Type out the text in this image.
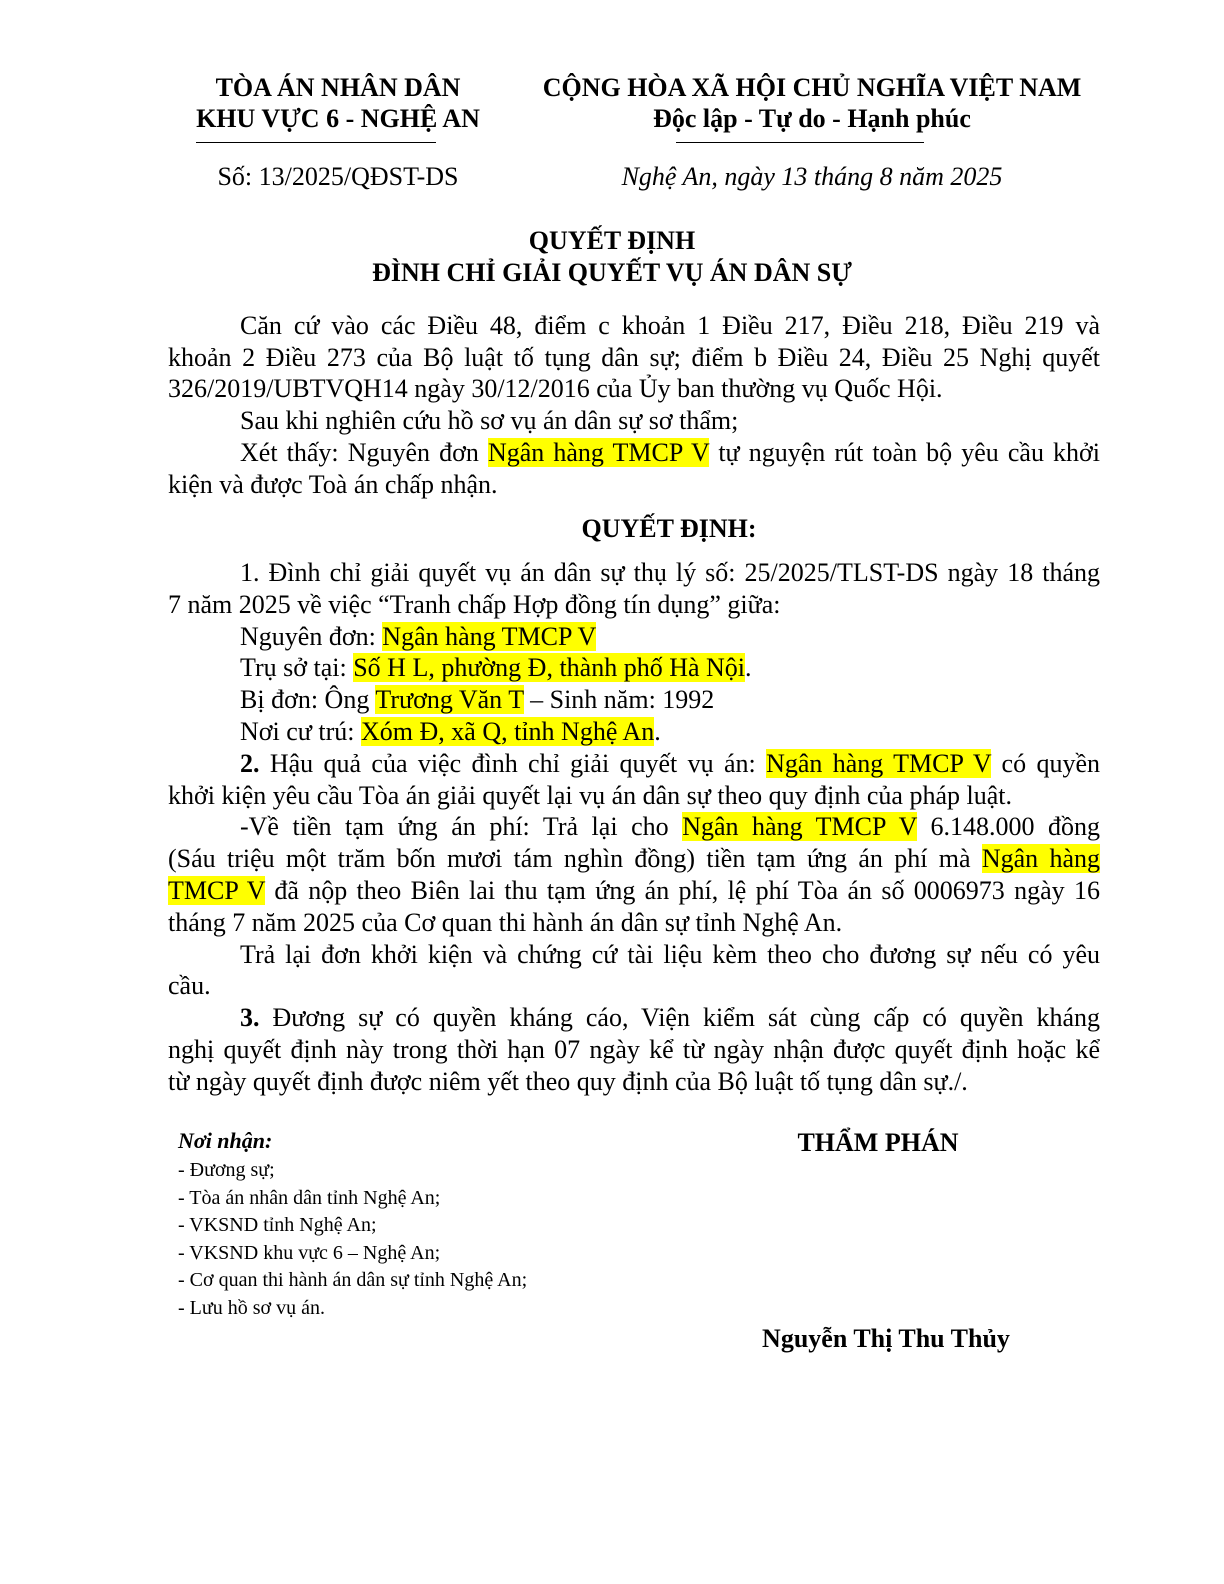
TÒA ÁN NHÂN DÂN
KHU VỰC 6 - NGHỆ AN
CỘNG HÒA XÃ HỘI CHỦ NGHĨA VIỆT NAM
Độc lập - Tự do - Hạnh phúc
Số: 13/2025/QĐST-DS	Nghệ An, ngày 13 tháng 8 năm 2025
QUYẾT ĐỊNH
ĐÌNH CHỈ GIẢI QUYẾT VỤ ÁN DÂN SỰ
Căn cứ vào các Điều 48, điểm c khoản 1 Điều 217, Điều 218, Điều 219 và
khoản 2 Điều 273 của Bộ luật tố tụng dân sự; điểm b Điều 24, Điều 25 Nghị quyết
326/2019/UBTVQH14 ngày 30/12/2016 của Ủy ban thường vụ Quốc Hội.
Sau khi nghiên cứu hồ sơ vụ án dân sự sơ thẩm;
Xét thấy: Nguyên đơn Ngân hàng TMCP V tự nguyện rút toàn bộ yêu cầu khởi
kiện và được Toà án chấp nhận.
QUYẾT ĐỊNH:
1. Đình chỉ giải quyết vụ án dân sự thụ lý số: 25/2025/TLST-DS ngày 18 tháng
7 năm 2025 về việc “Tranh chấp Hợp đồng tín dụng” giữa:
Nguyên đơn: Ngân hàng TMCP V
Trụ sở tại: Số H L, phường Đ, thành phố Hà Nội.
Bị đơn: Ông Trương Văn T – Sinh năm: 1992
Nơi cư trú: Xóm Đ, xã Q, tỉnh Nghệ An.
2. Hậu quả của việc đình chỉ giải quyết vụ án: Ngân hàng TMCP V có quyền
khởi kiện yêu cầu Tòa án giải quyết lại vụ án dân sự theo quy định của pháp luật.
-Về tiền tạm ứng án phí: Trả lại cho Ngân hàng TMCP V 6.148.000 đồng
(Sáu triệu một trăm bốn mươi tám nghìn đồng) tiền tạm ứng án phí mà Ngân hàng
TMCP V đã nộp theo Biên lai thu tạm ứng án phí, lệ phí Tòa án số 0006973 ngày 16
tháng 7 năm 2025 của Cơ quan thi hành án dân sự tỉnh Nghệ An.
Trả lại đơn khởi kiện và chứng cứ tài liệu kèm theo cho đương sự nếu có yêu
cầu.
3. Đương sự có quyền kháng cáo, Viện kiểm sát cùng cấp có quyền kháng
nghị quyết định này trong thời hạn 07 ngày kể từ ngày nhận được quyết định hoặc kể
từ ngày quyết định được niêm yết theo quy định của Bộ luật tố tụng dân sự./.
Nơi nhận:
- Đương sự;
- Tòa án nhân dân tỉnh Nghệ An;
- VKSND tỉnh Nghệ An;
- VKSND khu vực 6 – Nghệ An;
- Cơ quan thi hành án dân sự tỉnh Nghệ An;
- Lưu hồ sơ vụ án.
THẨM PHÁN
Nguyễn Thị Thu Thủy
